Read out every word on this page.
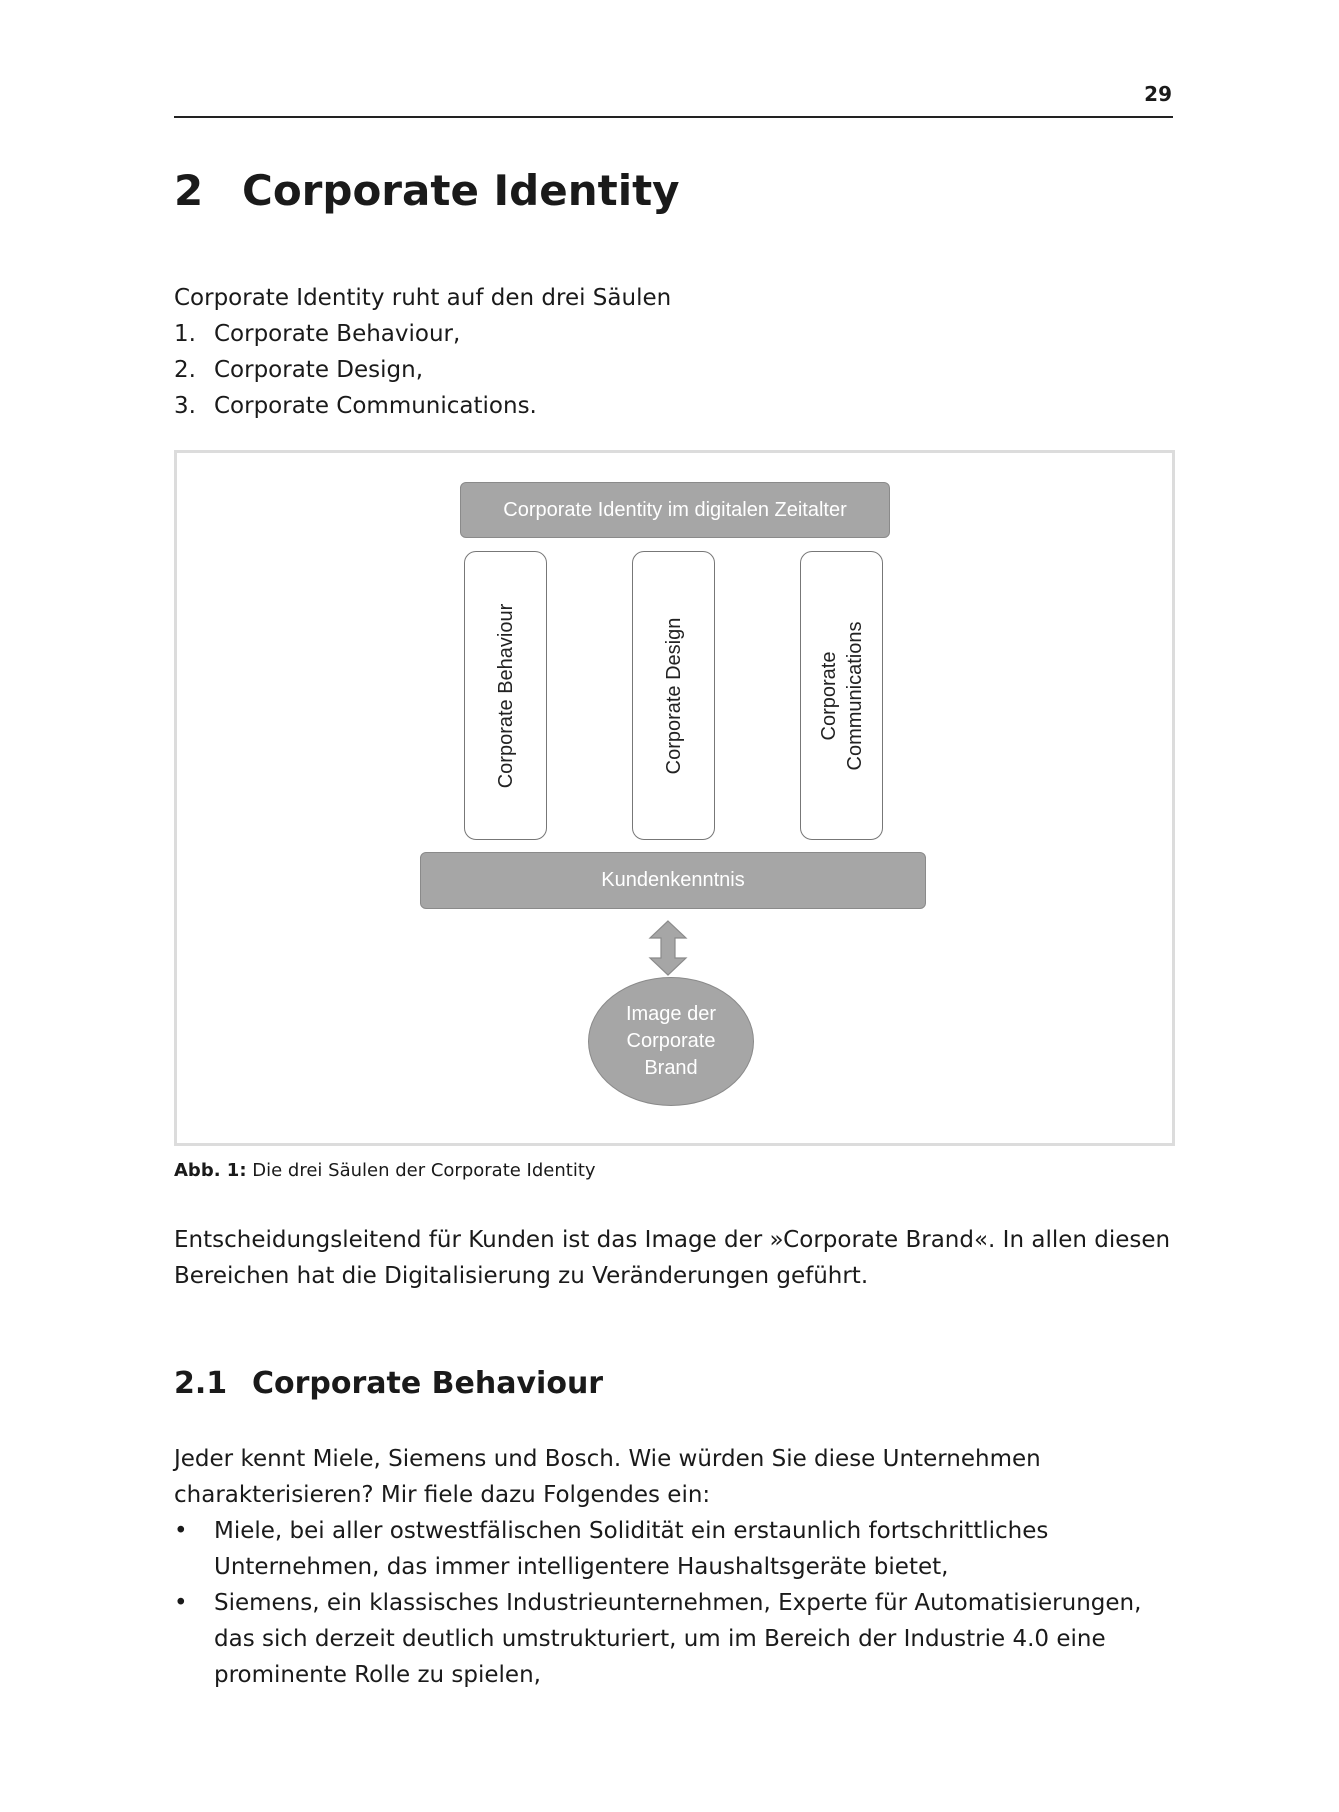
29
2 Corporate Identity
Corporate Identity ruht auf den drei Säulen
1. Corporate Behaviour,
2. Corporate Design,
3. Corporate Communications.
Corporate Identity im digitalen Zeitalter
Corporate Behaviour	Corporate Design	Corporate
Communications
Kundenkenntnis
Image der
Corporate
Brand
Abb. 1: Die drei Säulen der Corporate Identity
Entscheidungsleitend für Kunden ist das Image der »Corporate Brand«. In allen diesen Bereichen hat die Digitalisierung zu Veränderungen geführt.
2.1 Corporate Behaviour
Jeder kennt Miele, Siemens und Bosch. Wie würden Sie diese Unternehmen charakterisieren? Mir fiele dazu Folgendes ein:
•	Miele, bei aller ostwestfälischen Solidität ein erstaunlich fortschrittliches Unternehmen, das immer intelligentere Haushaltsgeräte bietet,
•	Siemens, ein klassisches Industrieunternehmen, Experte für Automatisierungen, das sich derzeit deutlich umstrukturiert, um im Bereich der Industrie 4.0 eine prominente Rolle zu spielen,
